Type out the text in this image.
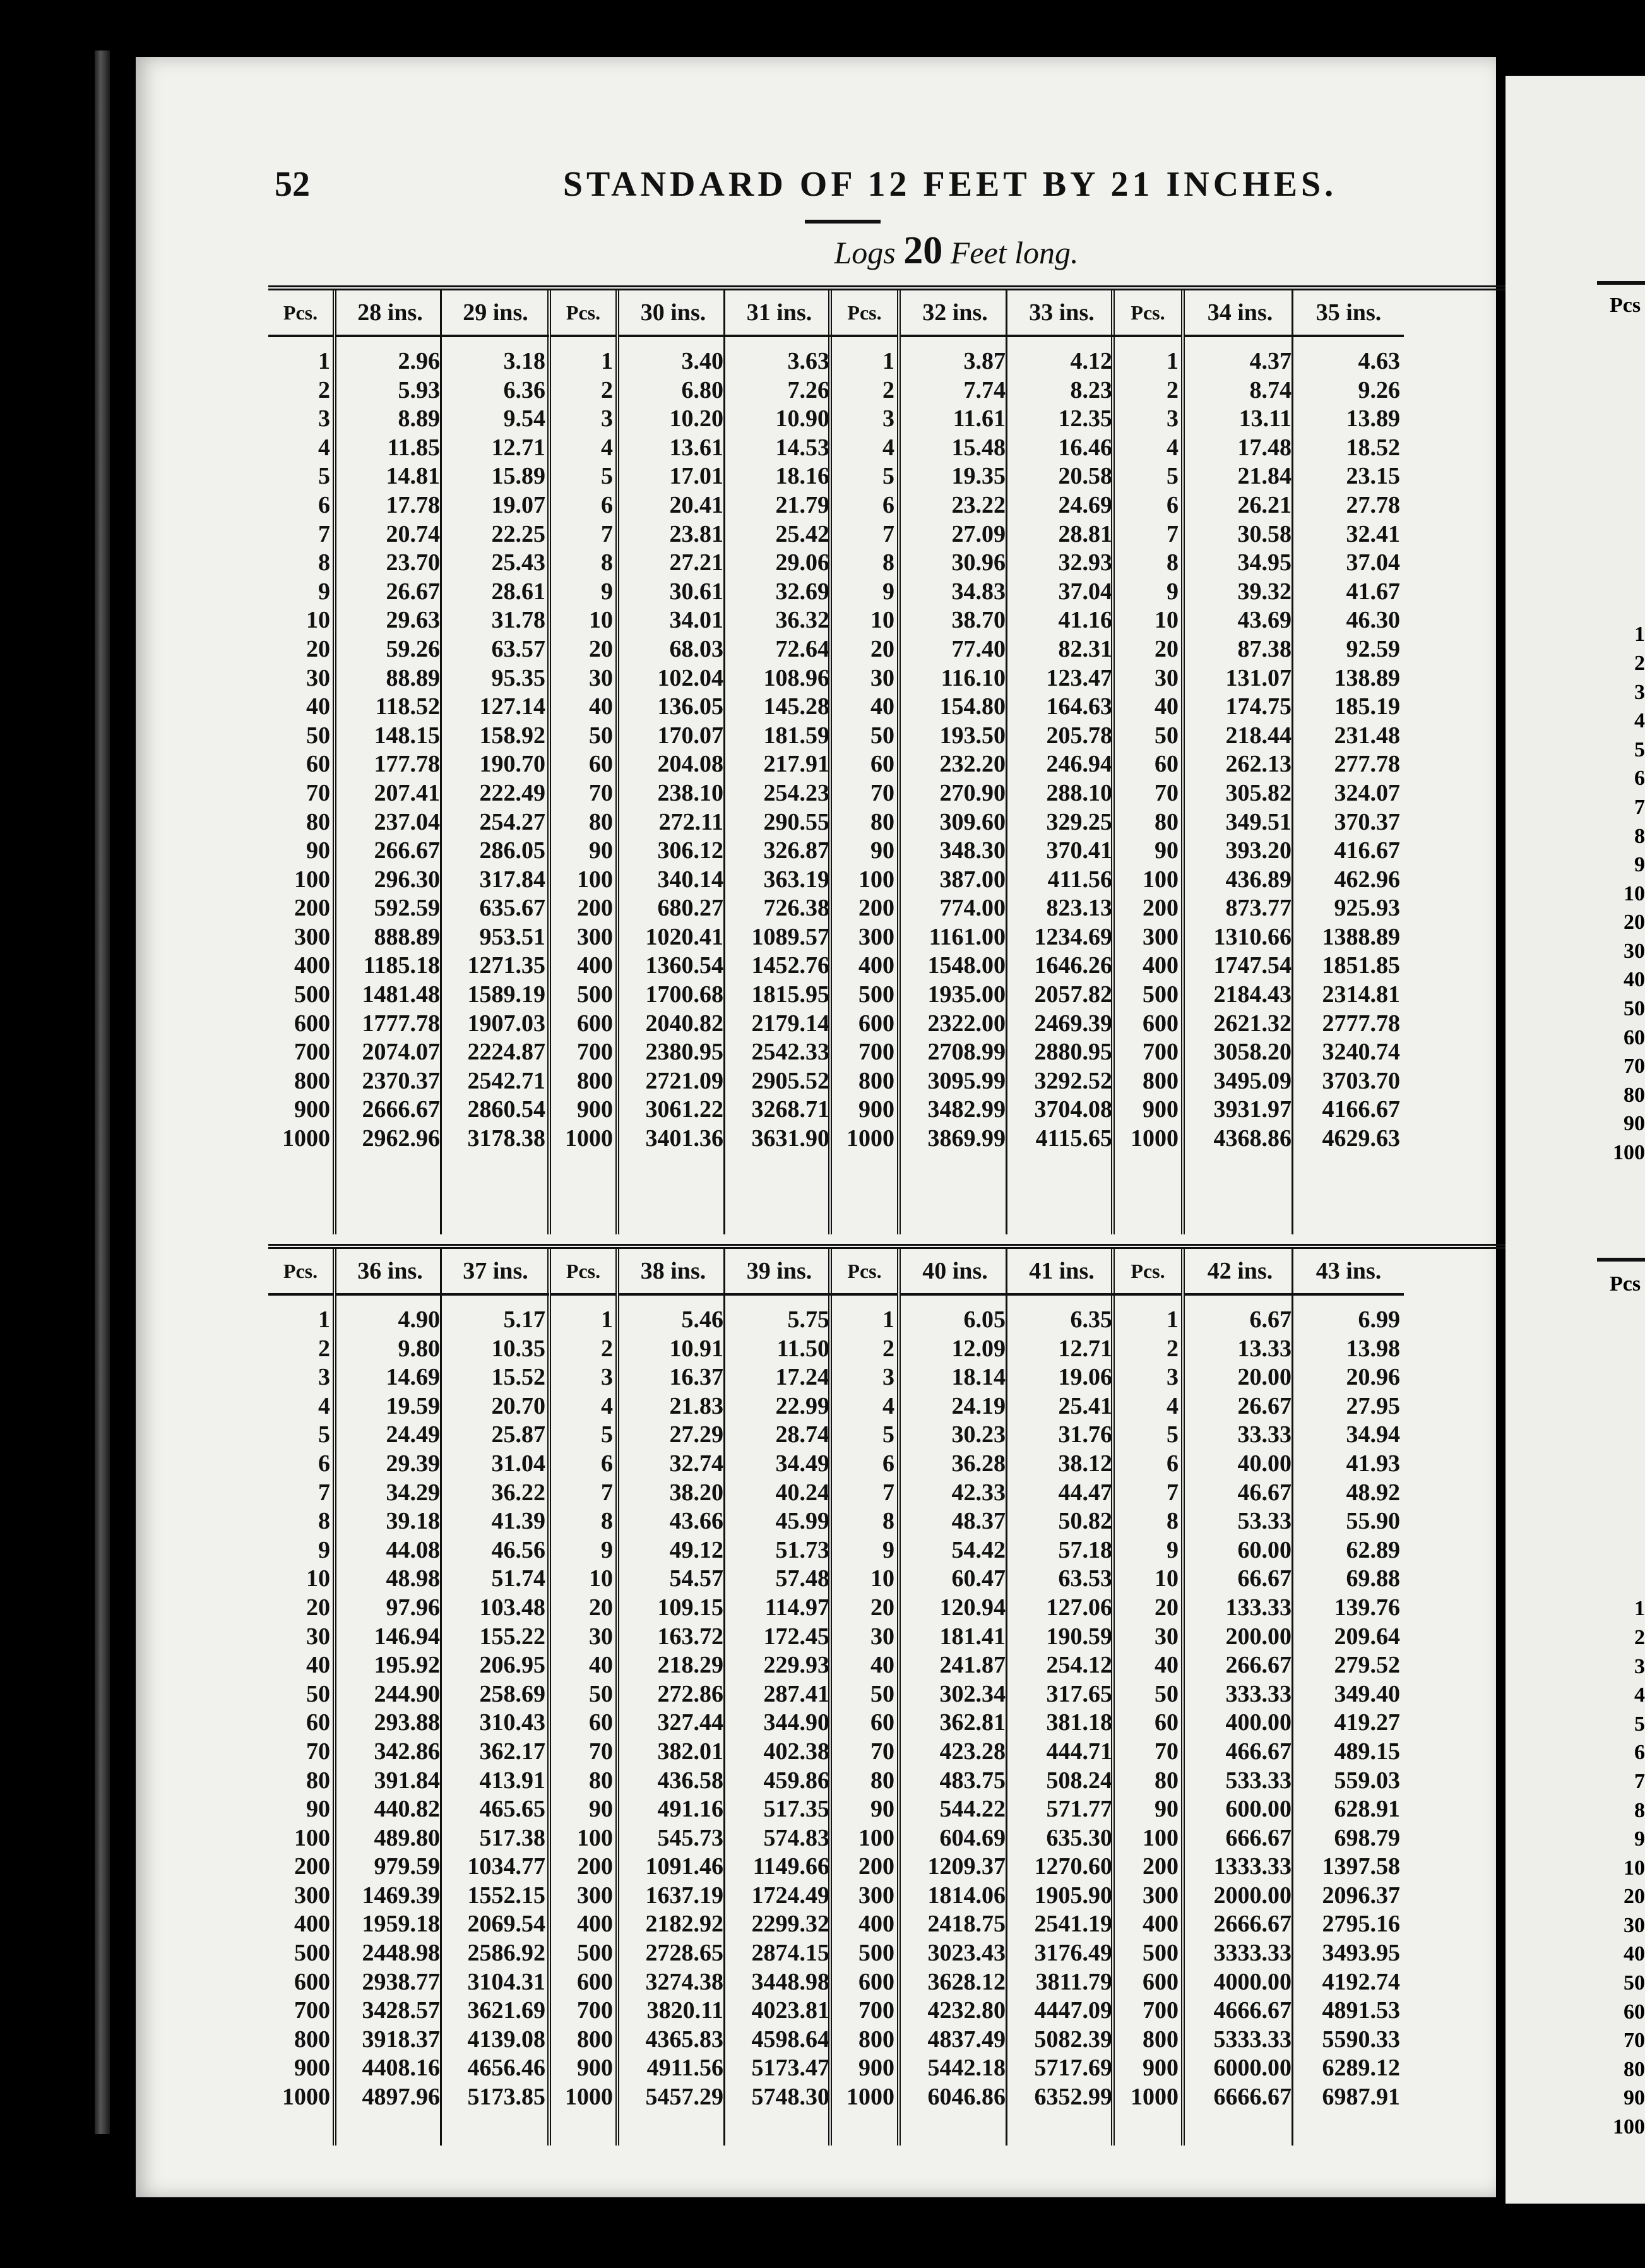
52	STANDARD OF 12 FEET BY 21 INCHES.
Logs 20 Feet long.
Pcs.
1
2
3
4
5
6
7
8
9
10
20
30
40
50
60
70
80
90
100
200
300
400
500
600
700
800
900
1000
28 ins.
2.96
5.93
8.89
11.85
14.81
17.78
20.74
23.70
26.67
29.63
59.26
88.89
118.52
148.15
177.78
207.41
237.04
266.67
296.30
592.59
888.89
1185.18
1481.48
1777.78
2074.07
2370.37
2666.67
2962.96
29 ins.
3.18
6.36
9.54
12.71
15.89
19.07
22.25
25.43
28.61
31.78
63.57
95.35
127.14
158.92
190.70
222.49
254.27
286.05
317.84
635.67
953.51
1271.35
1589.19
1907.03
2224.87
2542.71
2860.54
3178.38
Pcs.
1
2
3
4
5
6
7
8
9
10
20
30
40
50
60
70
80
90
100
200
300
400
500
600
700
800
900
1000
30 ins.
3.40
6.80
10.20
13.61
17.01
20.41
23.81
27.21
30.61
34.01
68.03
102.04
136.05
170.07
204.08
238.10
272.11
306.12
340.14
680.27
1020.41
1360.54
1700.68
2040.82
2380.95
2721.09
3061.22
3401.36
31 ins.
3.63
7.26
10.90
14.53
18.16
21.79
25.42
29.06
32.69
36.32
72.64
108.96
145.28
181.59
217.91
254.23
290.55
326.87
363.19
726.38
1089.57
1452.76
1815.95
2179.14
2542.33
2905.52
3268.71
3631.90
Pcs.
1
2
3
4
5
6
7
8
9
10
20
30
40
50
60
70
80
90
100
200
300
400
500
600
700
800
900
1000
32 ins.
3.87
7.74
11.61
15.48
19.35
23.22
27.09
30.96
34.83
38.70
77.40
116.10
154.80
193.50
232.20
270.90
309.60
348.30
387.00
774.00
1161.00
1548.00
1935.00
2322.00
2708.99
3095.99
3482.99
3869.99
33 ins.
4.12
8.23
12.35
16.46
20.58
24.69
28.81
32.93
37.04
41.16
82.31
123.47
164.63
205.78
246.94
288.10
329.25
370.41
411.56
823.13
1234.69
1646.26
2057.82
2469.39
2880.95
3292.52
3704.08
4115.65
Pcs.
1
2
3
4
5
6
7
8
9
10
20
30
40
50
60
70
80
90
100
200
300
400
500
600
700
800
900
1000
34 ins.
4.37
8.74
13.11
17.48
21.84
26.21
30.58
34.95
39.32
43.69
87.38
131.07
174.75
218.44
262.13
305.82
349.51
393.20
436.89
873.77
1310.66
1747.54
2184.43
2621.32
3058.20
3495.09
3931.97
4368.86
35 ins.
4.63
9.26
13.89
18.52
23.15
27.78
32.41
37.04
41.67
46.30
92.59
138.89
185.19
231.48
277.78
324.07
370.37
416.67
462.96
925.93
1388.89
1851.85
2314.81
2777.78
3240.74
3703.70
4166.67
4629.63
Pcs.
1
2
3
4
5
6
7
8
9
10
20
30
40
50
60
70
80
90
100
200
300
400
500
600
700
800
900
1000
36 ins.
4.90
9.80
14.69
19.59
24.49
29.39
34.29
39.18
44.08
48.98
97.96
146.94
195.92
244.90
293.88
342.86
391.84
440.82
489.80
979.59
1469.39
1959.18
2448.98
2938.77
3428.57
3918.37
4408.16
4897.96
37 ins.
5.17
10.35
15.52
20.70
25.87
31.04
36.22
41.39
46.56
51.74
103.48
155.22
206.95
258.69
310.43
362.17
413.91
465.65
517.38
1034.77
1552.15
2069.54
2586.92
3104.31
3621.69
4139.08
4656.46
5173.85
Pcs.
1
2
3
4
5
6
7
8
9
10
20
30
40
50
60
70
80
90
100
200
300
400
500
600
700
800
900
1000
38 ins.
5.46
10.91
16.37
21.83
27.29
32.74
38.20
43.66
49.12
54.57
109.15
163.72
218.29
272.86
327.44
382.01
436.58
491.16
545.73
1091.46
1637.19
2182.92
2728.65
3274.38
3820.11
4365.83
4911.56
5457.29
39 ins.
5.75
11.50
17.24
22.99
28.74
34.49
40.24
45.99
51.73
57.48
114.97
172.45
229.93
287.41
344.90
402.38
459.86
517.35
574.83
1149.66
1724.49
2299.32
2874.15
3448.98
4023.81
4598.64
5173.47
5748.30
Pcs.
1
2
3
4
5
6
7
8
9
10
20
30
40
50
60
70
80
90
100
200
300
400
500
600
700
800
900
1000
40 ins.
6.05
12.09
18.14
24.19
30.23
36.28
42.33
48.37
54.42
60.47
120.94
181.41
241.87
302.34
362.81
423.28
483.75
544.22
604.69
1209.37
1814.06
2418.75
3023.43
3628.12
4232.80
4837.49
5442.18
6046.86
41 ins.
6.35
12.71
19.06
25.41
31.76
38.12
44.47
50.82
57.18
63.53
127.06
190.59
254.12
317.65
381.18
444.71
508.24
571.77
635.30
1270.60
1905.90
2541.19
3176.49
3811.79
4447.09
5082.39
5717.69
6352.99
Pcs.
1
2
3
4
5
6
7
8
9
10
20
30
40
50
60
70
80
90
100
200
300
400
500
600
700
800
900
1000
42 ins.
6.67
13.33
20.00
26.67
33.33
40.00
46.67
53.33
60.00
66.67
133.33
200.00
266.67
333.33
400.00
466.67
533.33
600.00
666.67
1333.33
2000.00
2666.67
3333.33
4000.00
4666.67
5333.33
6000.00
6666.67
43 ins.
6.99
13.98
20.96
27.95
34.94
41.93
48.92
55.90
62.89
69.88
139.76
209.64
279.52
349.40
419.27
489.15
559.03
628.91
698.79
1397.58
2096.37
2795.16
3493.95
4192.74
4891.53
5590.33
6289.12
6987.91
Pcs
1
2
3
4
5
6
7
8
9
10
20
30
40
50
60
70
80
90
100
Pcs
1
2
3
4
5
6
7
8
9
10
20
30
40
50
60
70
80
90
100
